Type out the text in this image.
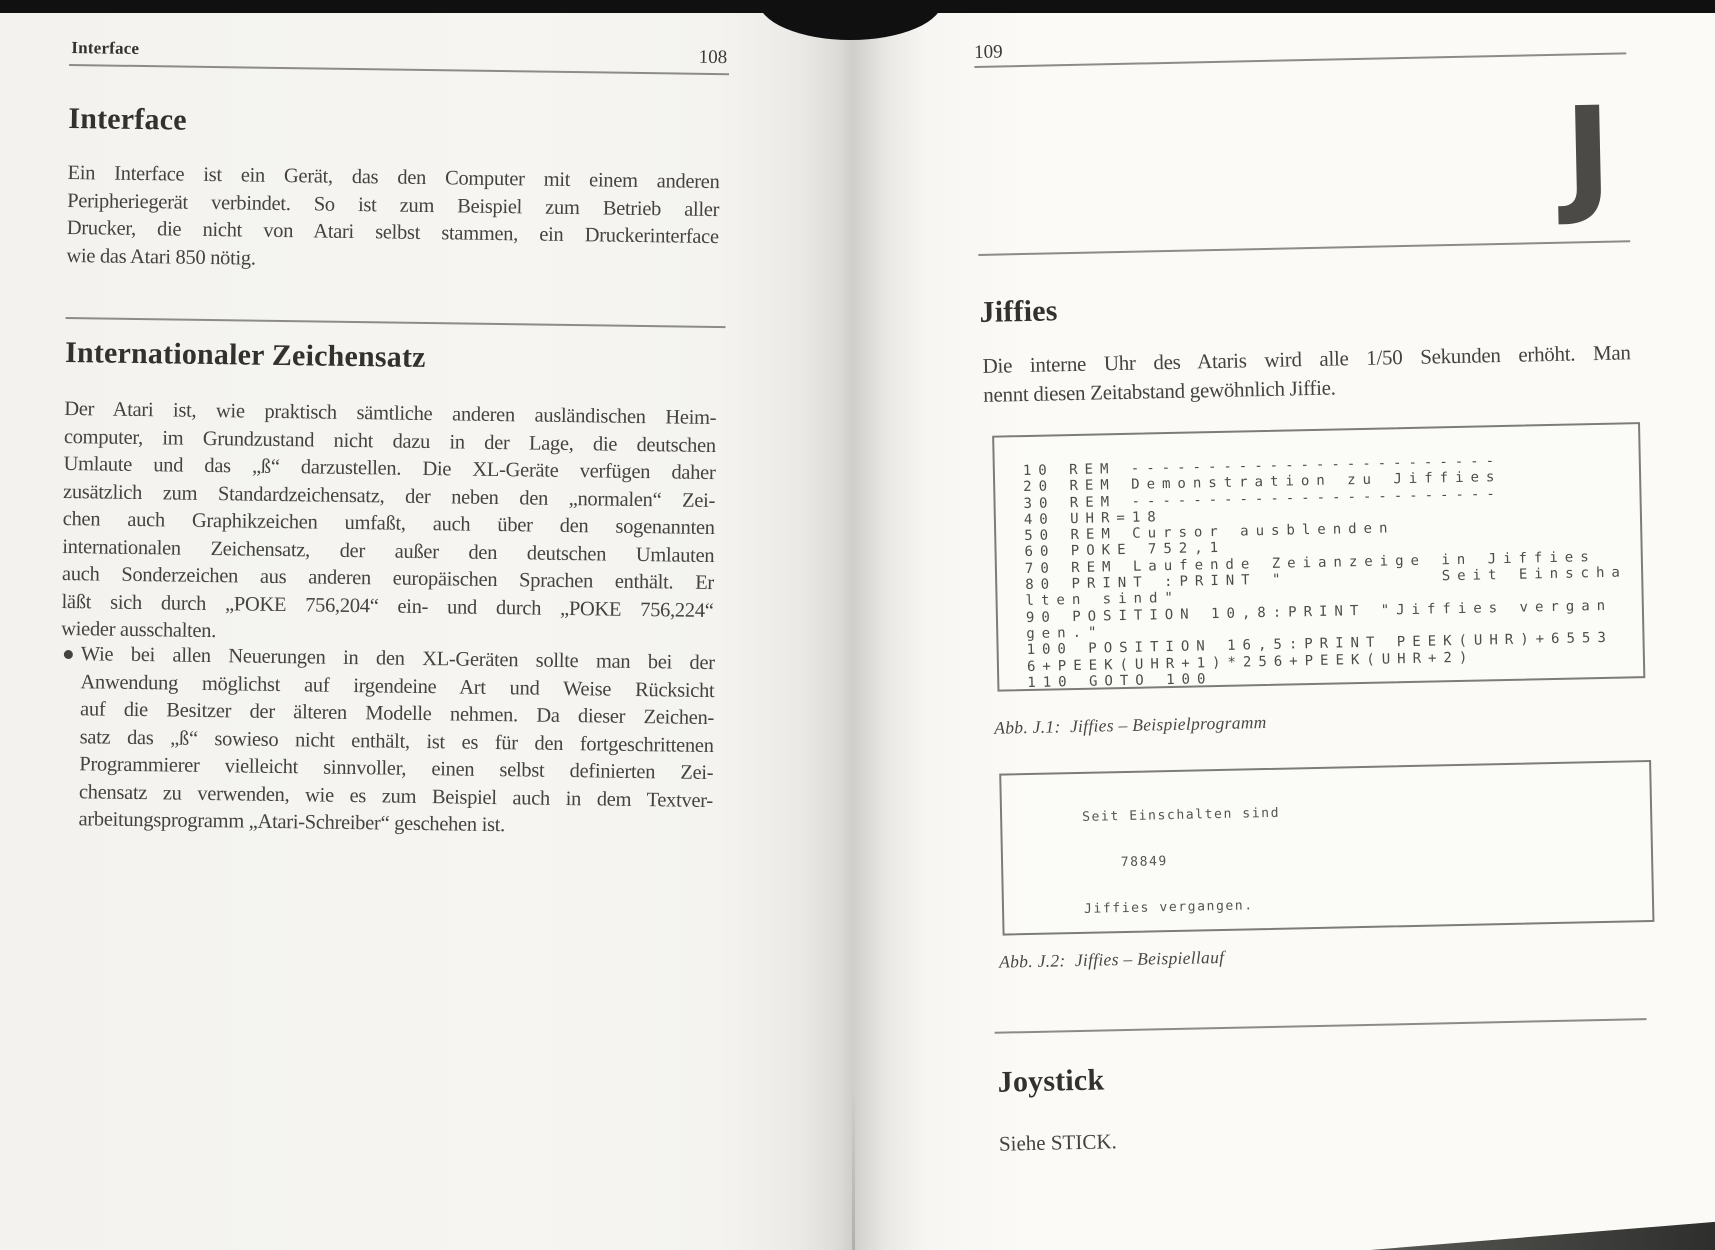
Interface	108
Interface
Ein Interface ist ein Gerät, das den Computer mit einem anderen
Peripheriegerät verbindet. So ist zum Beispiel zum Betrieb aller
Drucker, die nicht von Atari selbst stammen, ein Druckerinterface
wie das Atari 850 nötig.
Internationaler Zeichensatz
Der Atari ist, wie praktisch sämtliche anderen ausländischen Heim-
computer, im Grundzustand nicht dazu in der Lage, die deutschen
Umlaute und das „ß“ darzustellen. Die XL-Geräte verfügen daher
zusätzlich zum Standardzeichensatz, der neben den „normalen“ Zei-
chen auch Graphikzeichen umfaßt, auch über den sogenannten
internationalen Zeichensatz, der außer den deutschen Umlauten
auch Sonderzeichen aus anderen europäischen Sprachen enthält. Er
läßt sich durch „POKE 756,204“ ein- und durch „POKE 756,224“
wieder ausschalten.
Wie bei allen Neuerungen in den XL-Geräten sollte man bei der
Anwendung möglichst auf irgendeine Art und Weise Rücksicht
auf die Besitzer der älteren Modelle nehmen. Da dieser Zeichen-
satz das „ß“ sowieso nicht enthält, ist es für den fortgeschrittenen
Programmierer vielleicht sinnvoller, einen selbst definierten Zei-
chensatz zu verwenden, wie es zum Beispiel auch in dem Textver-
arbeitungsprogramm „Atari-Schreiber“ geschehen ist.
109
J
Jiffies
Die interne Uhr des Ataris wird alle 1/50 Sekunden erhöht. Man
nennt diesen Zeitabstand gewöhnlich Jiffie.
10 REM ------------------------
20 REM Demonstration zu Jiffies
30 REM ------------------------
40 UHR=18
50 REM Cursor ausblenden
60 POKE 752,1
70 REM Laufende Zeianzeige in Jiffies
80 PRINT :PRINT "          Seit Einscha
lten sind"
90 POSITION 10,8:PRINT "Jiffies vergan
gen."
100 POSITION 16,5:PRINT PEEK(UHR)+6553
6+PEEK(UHR+1)*256+PEEK(UHR+2)
110 GOTO 100
Abb. J.1:  Jiffies – Beispielprogramm
Seit Einschalten sind

78849

Jiffies vergangen.
Abb. J.2:  Jiffies – Beispiellauf
Joystick
Siehe STICK.
